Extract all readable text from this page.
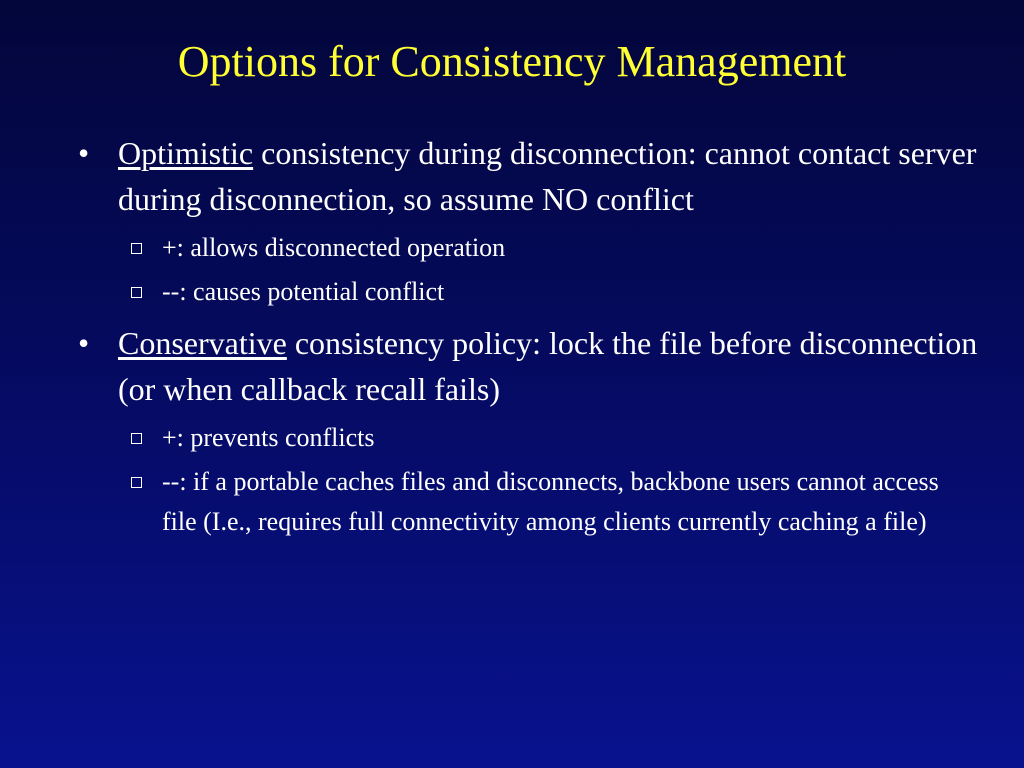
Options for Consistency Management
• Optimistic consistency during disconnection: cannot contact server during disconnection, so assume NO conflict
+: allows disconnected operation
--: causes potential conflict
• Conservative consistency policy: lock the file before disconnection (or when callback recall fails)
+: prevents conflicts
--: if a portable caches files and disconnects, backbone users cannot access file (I.e., requires full connectivity among clients currently caching a file)
